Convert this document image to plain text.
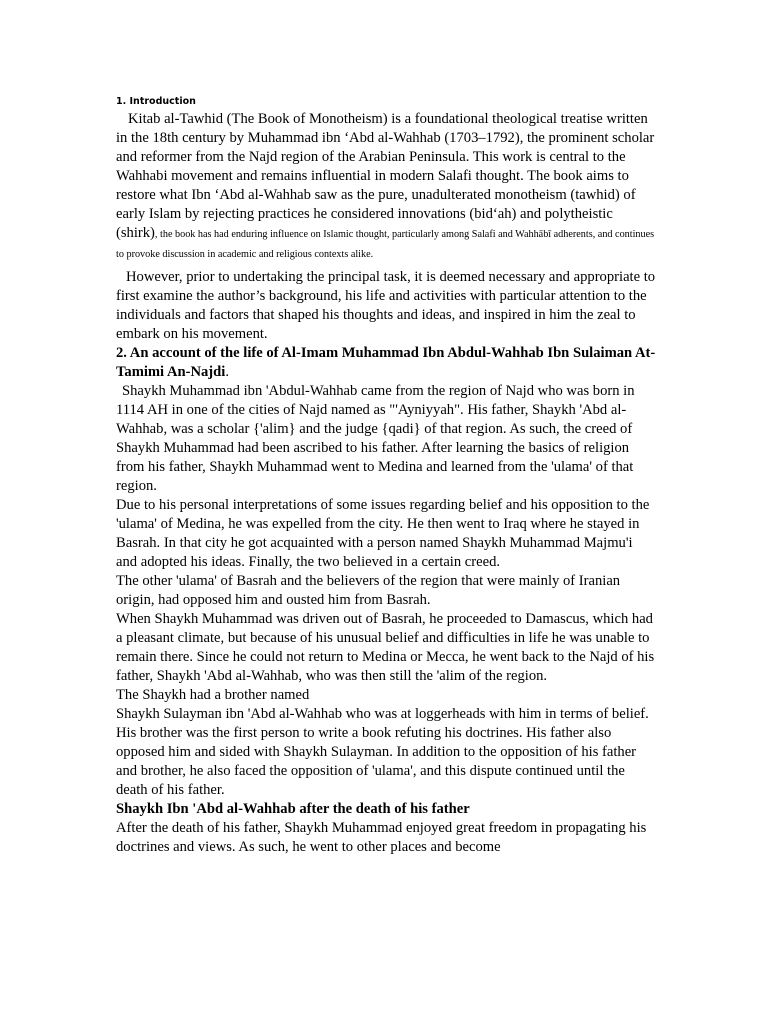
1. Introduction

Kitab al-Tawhid (The Book of Monotheism) is a foundational theological treatise written in the 18th century by Muhammad ibn ‘Abd al-Wahhab (1703–1792), the prominent scholar and reformer from the Najd region of the Arabian Peninsula. This work is central to the Wahhabi movement and remains influential in modern Salafi thought. The book aims to restore what Ibn ‘Abd al-Wahhab saw as the pure, unadulterated monotheism (tawhid) of early Islam by rejecting practices he considered innovations (bid‘ah) and polytheistic (shirk), the book has had enduring influence on Islamic thought, particularly among Salafi and Wahhābī adherents, and continues to provoke discussion in academic and religious contexts alike.

However, prior to undertaking the principal task, it is deemed necessary and appropriate to first examine the author’s background, his life and activities with particular attention to the individuals and factors that shaped his thoughts and ideas, and inspired in him the zeal to embark on his movement.

2. An account of the life of Al-Imam Muhammad Ibn Abdul-Wahhab Ibn Sulaiman At-Tamimi An-Najdi.

Shaykh Muhammad ibn 'Abdul-Wahhab came from the region of Najd who was born in 1114 AH in one of the cities of Najd named as "'Ayniyyah". His father, Shaykh 'Abd al-Wahhab, was a scholar {'alim} and the judge {qadi} of that region. As such, the creed of Shaykh Muhammad had been ascribed to his father. After learning the basics of religion from his father, Shaykh Muhammad went to Medina and learned from the 'ulama' of that region.

Due to his personal interpretations of some issues regarding belief and his opposition to the 'ulama' of Medina, he was expelled from the city. He then went to Iraq where he stayed in Basrah. In that city he got acquainted with a person named Shaykh Muhammad Majmu'i and adopted his ideas. Finally, the two believed in a certain creed.

The other 'ulama' of Basrah and the believers of the region that were mainly of Iranian origin, had opposed him and ousted him from Basrah.

When Shaykh Muhammad was driven out of Basrah, he proceeded to Damascus, which had a pleasant climate, but because of his unusual belief and difficulties in life he was unable to remain there. Since he could not return to Medina or Mecca, he went back to the Najd of his father, Shaykh 'Abd al-Wahhab, who was then still the 'alim of the region.

The Shaykh had a brother named

Shaykh Sulayman ibn 'Abd al-Wahhab who was at loggerheads with him in terms of belief. His brother was the first person to write a book refuting his doctrines. His father also opposed him and sided with Shaykh Sulayman. In addition to the opposition of his father and brother, he also faced the opposition of 'ulama', and this dispute continued until the death of his father.

Shaykh Ibn 'Abd al-Wahhab after the death of his father

After the death of his father, Shaykh Muhammad enjoyed great freedom in propagating his doctrines and views. As such, he went to other places and become
